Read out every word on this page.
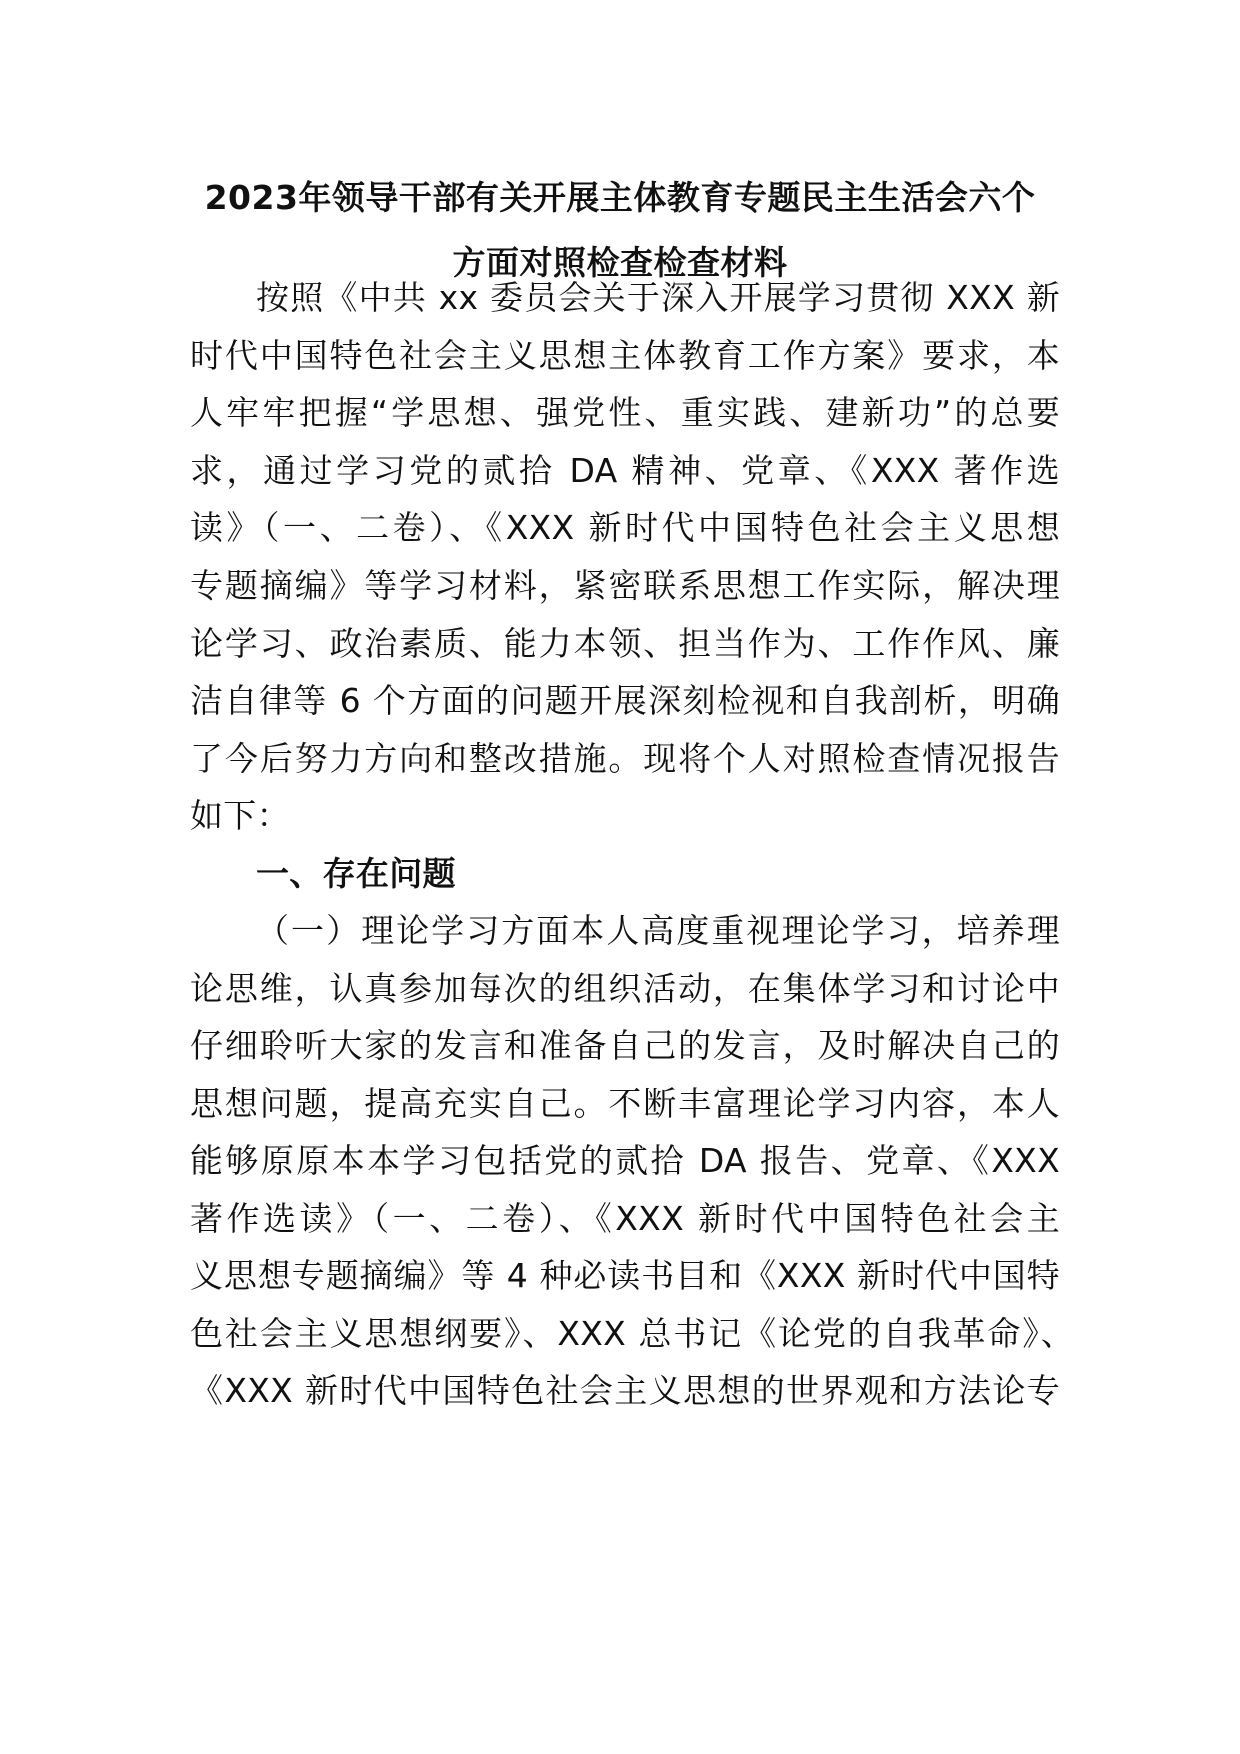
2023年领导干部有关开展主体教育专题民主生活会六个
方面对照检查检查材料
按照《中共 xx 委员会关于深入开展学习贯彻 XXX 新
时代中国特色社会主义思想主体教育工作方案》要求，本
人牢牢把握“学思想、强党性、重实践、建新功”的总要
求，通过学习党的贰拾 DA 精神、党章、《XXX 著作选
读》（一、二卷）、《XXX 新时代中国特色社会主义思想
专题摘编》等学习材料，紧密联系思想工作实际，解决理
论学习、政治素质、能力本领、担当作为、工作作风、廉
洁自律等 6 个方面的问题开展深刻检视和自我剖析，明确
了今后努力方向和整改措施。现将个人对照检查情况报告
如下：
一、存在问题
（一）理论学习方面本人高度重视理论学习，培养理
论思维，认真参加每次的组织活动，在集体学习和讨论中
仔细聆听大家的发言和准备自己的发言，及时解决自己的
思想问题，提高充实自己。不断丰富理论学习内容，本人
能够原原本本学习包括党的贰拾 DA 报告、党章、《XXX
著作选读》（一、二卷）、《XXX 新时代中国特色社会主
义思想专题摘编》等 4 种必读书目和《XXX 新时代中国特
色社会主义思想纲要》、XXX 总书记《论党的自我革命》、
《XXX 新时代中国特色社会主义思想的世界观和方法论专
